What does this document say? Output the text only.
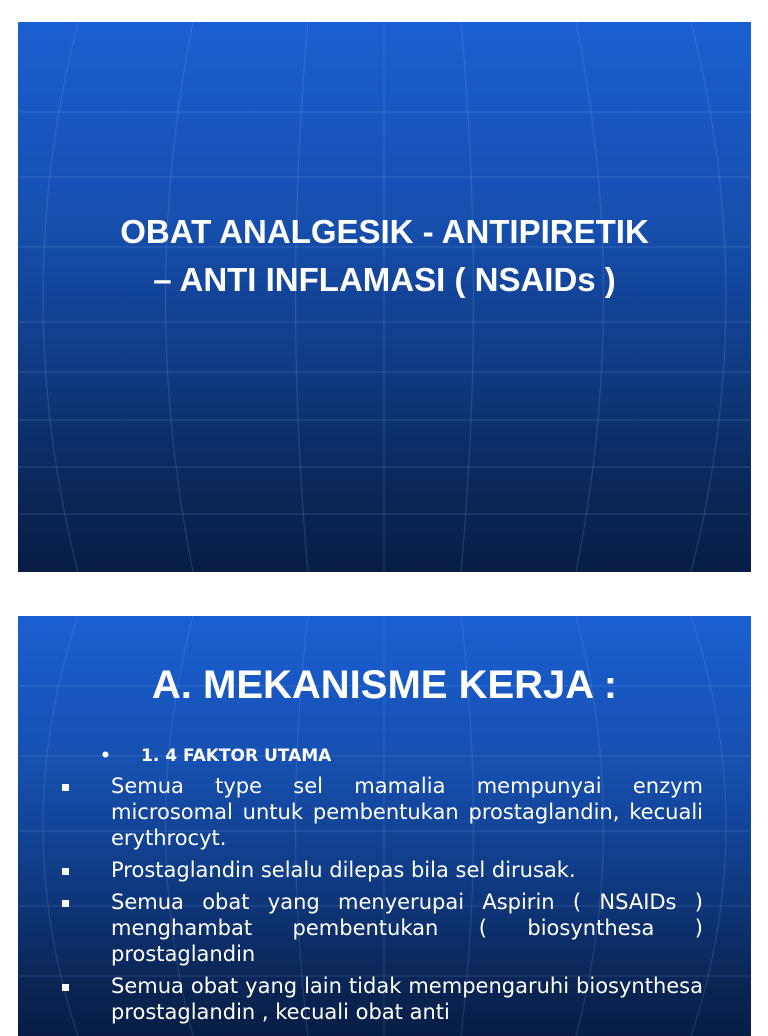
OBAT ANALGESIK - ANTIPIRETIK
– ANTI INFLAMASI ( NSAIDs )
A. MEKANISME KERJA :
• 1. 4 FAKTOR UTAMA
Semua type sel mamalia mempunyai enzym microsomal untuk pembentukan prostaglandin, kecuali erythrocyt.
Prostaglandin selalu dilepas bila sel dirusak.
Semua obat yang menyerupai Aspirin ( NSAIDs ) menghambat pembentukan ( biosynthesa ) prostaglandin
Semua obat yang lain tidak mempengaruhi biosynthesa prostaglandin , kecuali obat anti
